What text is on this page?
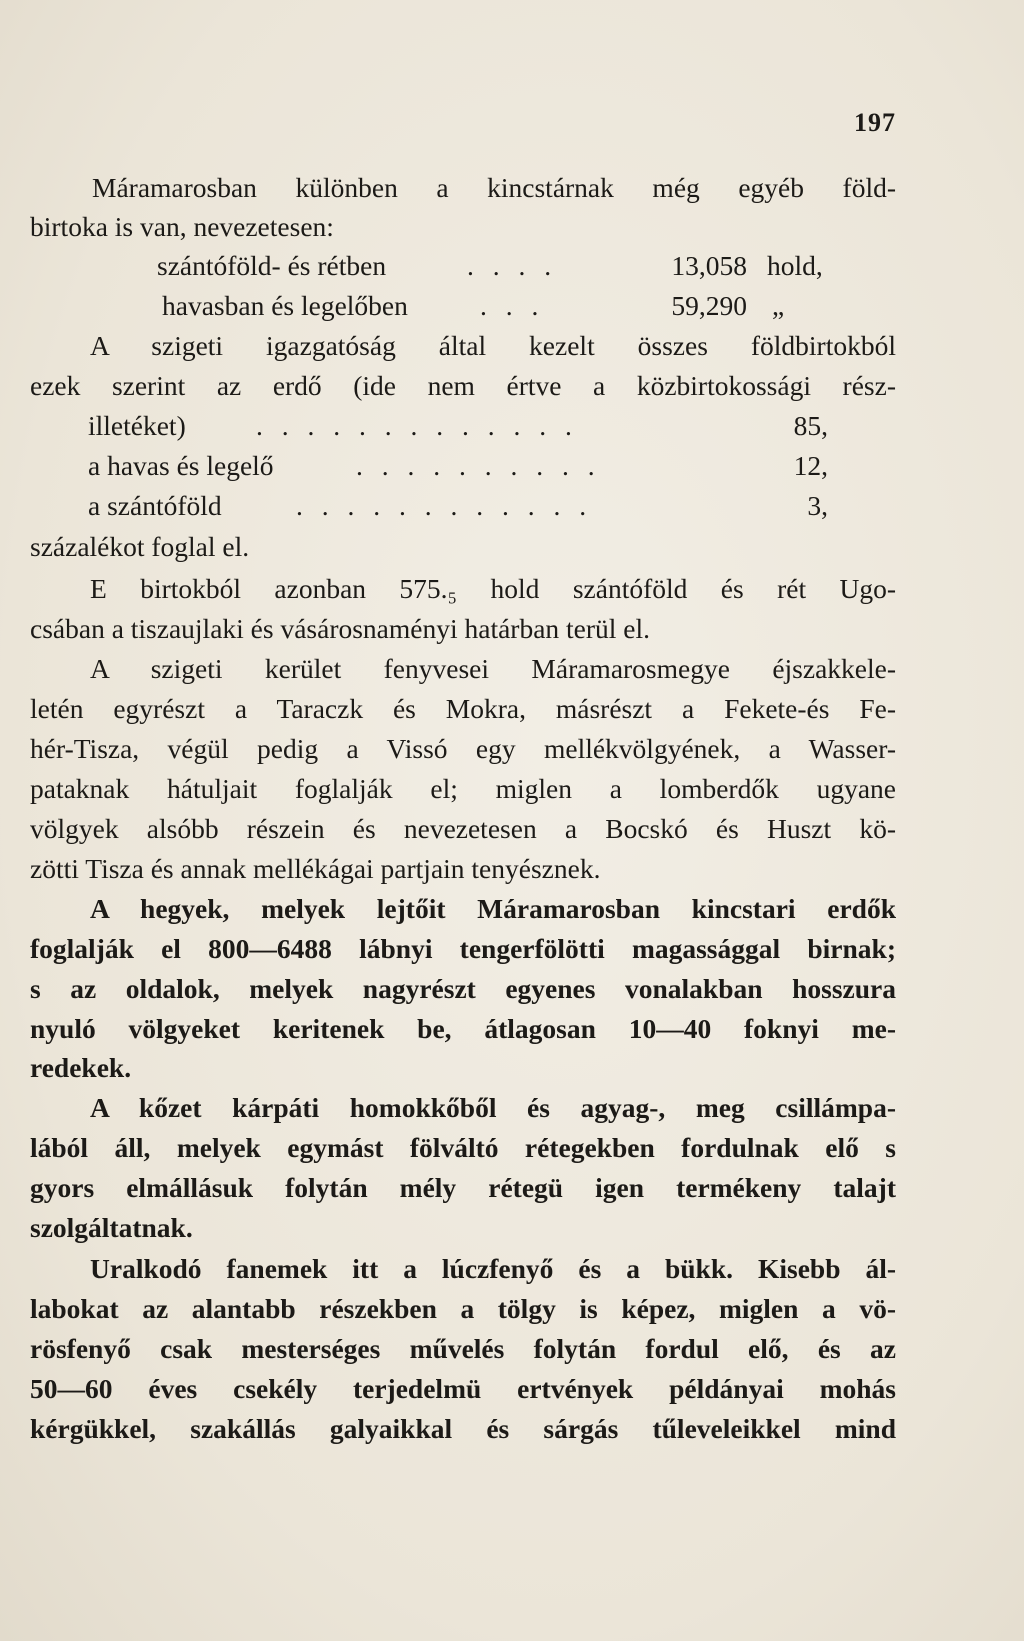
197
Máramarosban különben a kincstárnak még egyéb föld-
birtoka is van, nevezetesen:
szántóföld- és rétben	. . . .	13,058 hold,
havasban és legelőben	. . .	59,290 „
A szigeti igazgatóság által kezelt összes földbirtokból
ezek szerint az erdő (ide nem értve a közbirtokossági rész-
illetéket)	. . . . . . . . . . . . .	85,
a havas és legelő	. . . . . . . . . .	12,
a szántóföld	. . . . . . . . . . . .	3,
százalékot foglal el.
E birtokból azonban 575.₅ hold szántóföld és rét Ugo-
csában a tiszaujlaki és vásárosnaményi határban terül el.
A szigeti kerület fenyvesei Máramarosmegye éjszakkele-
letén egyrészt a Taraczk és Mokra, másrészt a Fekete-és Fe-
hér-Tisza, végül pedig a Vissó egy mellékvölgyének, a Wasser-
pataknak hátuljait foglalják el; miglen a lomberdők ugyane
völgyek alsóbb részein és nevezetesen a Bocskó és Huszt kö-
zötti Tisza és annak mellékágai partjain tenyésznek.
A hegyek, melyek lejtőit Máramarosban kincstari erdők
foglalják el 800—6488 lábnyi tengerfölötti magassággal birnak;
s az oldalok, melyek nagyrészt egyenes vonalakban hosszura
nyuló völgyeket keritenek be, átlagosan 10—40 foknyi me-
redekek.
A kőzet kárpáti homokkőből és agyag-, meg csillámpa-
lából áll, melyek egymást fölváltó rétegekben fordulnak elő s
gyors elmállásuk folytán mély rétegü igen termékeny talajt
szolgáltatnak.
Uralkodó fanemek itt a lúczfenyő és a bükk. Kisebb ál-
labokat az alantabb részekben a tölgy is képez, miglen a vö-
rösfenyő csak mesterséges művelés folytán fordul elő, és az
50—60 éves csekély terjedelmü ertvények példányai mohás
kérgükkel, szakállás galyaikkal és sárgás tűleveleikkel mind
